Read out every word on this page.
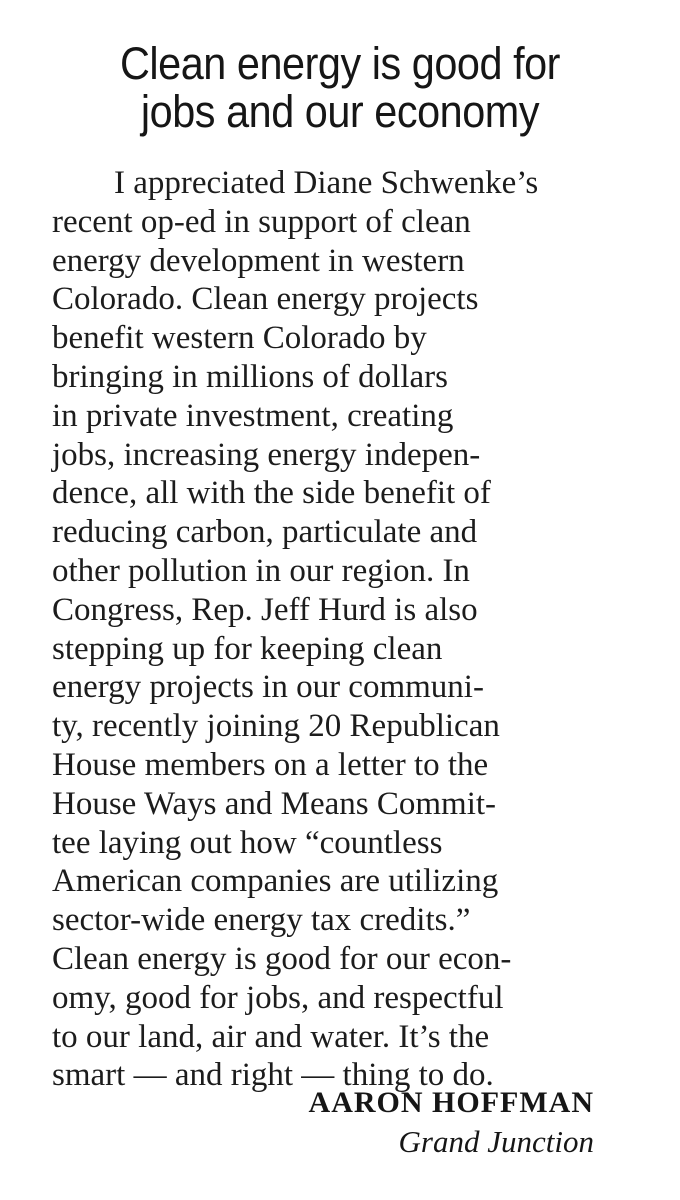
Clean energy is good for
jobs and our economy
I appreciated Diane Schwenke’s
recent op-ed in support of clean
energy development in western
Colorado. Clean energy projects
benefit western Colorado by
bringing in millions of dollars
in private investment, creating
jobs, increasing energy indepen-
dence, all with the side benefit of
reducing carbon, particulate and
other pollution in our region. In
Congress, Rep. Jeff Hurd is also
stepping up for keeping clean
energy projects in our communi-
ty, recently joining 20 Republican
House members on a letter to the
House Ways and Means Commit-
tee laying out how “countless
American companies are utilizing
sector-wide energy tax credits.”
Clean energy is good for our econ-
omy, good for jobs, and respectful
to our land, air and water. It’s the
smart — and right — thing to do.
AARON HOFFMAN
Grand Junction
